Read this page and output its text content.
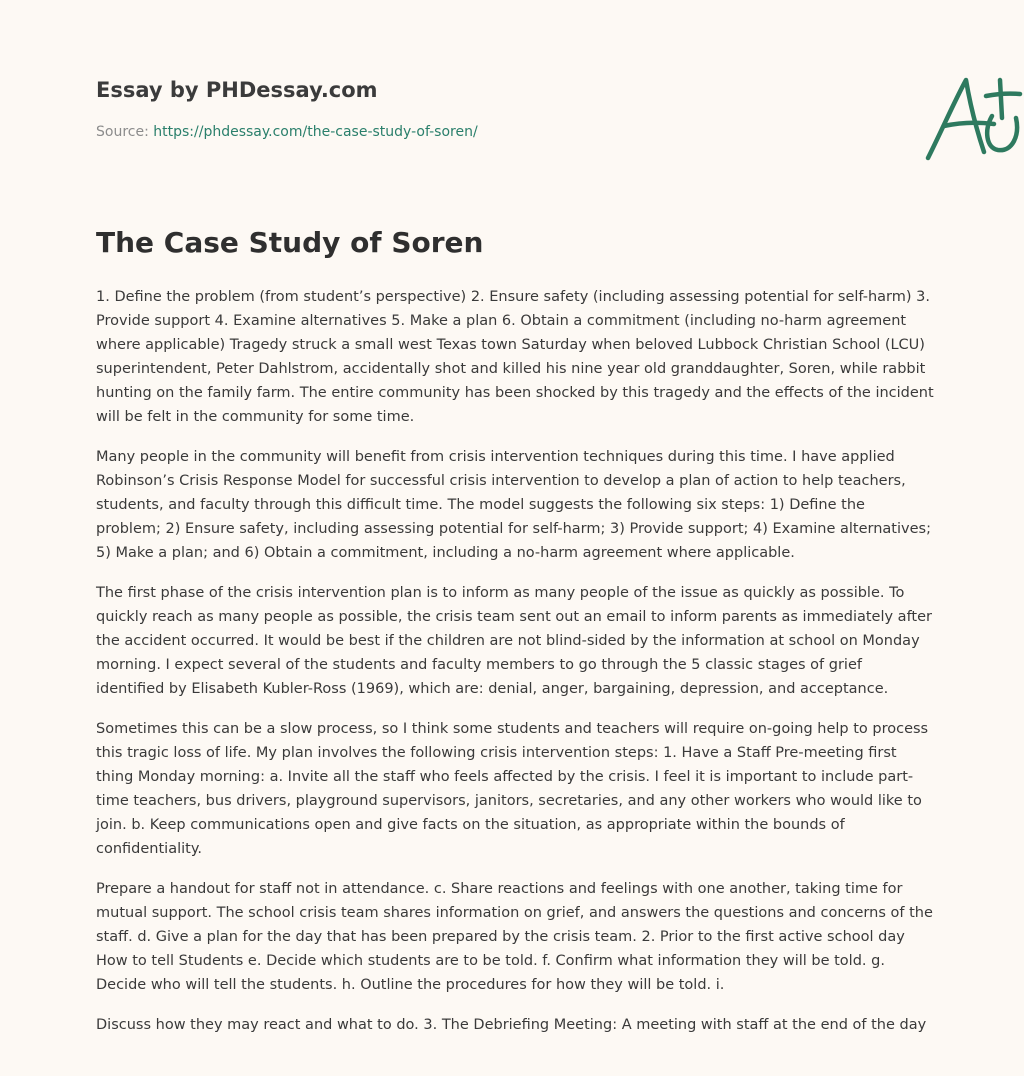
Essay by PHDessay.com
Source: https://phdessay.com/the-case-study-of-soren/
The Case Study of Soren

1. Define the problem (from student’s perspective) 2. Ensure safety (including assessing potential for self-harm) 3. Provide support 4. Examine alternatives 5. Make a plan 6. Obtain a commitment (including no-harm agreement where applicable) Tragedy struck a small west Texas town Saturday when beloved Lubbock Christian School (LCU) superintendent, Peter Dahlstrom, accidentally shot and killed his nine year old granddaughter, Soren, while rabbit hunting on the family farm. The entire community has been shocked by this tragedy and the effects of the incident will be felt in the community for some time.

Many people in the community will benefit from crisis intervention techniques during this time. I have applied Robinson’s Crisis Response Model for successful crisis intervention to develop a plan of action to help teachers, students, and faculty through this difficult time. The model suggests the following six steps: 1) Define the problem; 2) Ensure safety, including assessing potential for self-harm; 3) Provide support; 4) Examine alternatives; 5) Make a plan; and 6) Obtain a commitment, including a no-harm agreement where applicable.

The first phase of the crisis intervention plan is to inform as many people of the issue as quickly as possible. To quickly reach as many people as possible, the crisis team sent out an email to inform parents as immediately after the accident occurred. It would be best if the children are not blind-sided by the information at school on Monday morning. I expect several of the students and faculty members to go through the 5 classic stages of grief identified by Elisabeth Kubler-Ross (1969), which are: denial, anger, bargaining, depression, and acceptance.

Sometimes this can be a slow process, so I think some students and teachers will require on-going help to process this tragic loss of life. My plan involves the following crisis intervention steps: 1. Have a Staff Pre-meeting first thing Monday morning: a. Invite all the staff who feels affected by the crisis. I feel it is important to include part-time teachers, bus drivers, playground supervisors, janitors, secretaries, and any other workers who would like to join. b. Keep communications open and give facts on the situation, as appropriate within the bounds of confidentiality.

Prepare a handout for staff not in attendance. c. Share reactions and feelings with one another, taking time for mutual support. The school crisis team shares information on grief, and answers the questions and concerns of the staff. d. Give a plan for the day that has been prepared by the crisis team. 2. Prior to the first active school day How to tell Students e. Decide which students are to be told. f. Confirm what information they will be told. g. Decide who will tell the students. h. Outline the procedures for how they will be told. i.

Discuss how they may react and what to do. 3. The Debriefing Meeting: A meeting with staff at the end of the day
